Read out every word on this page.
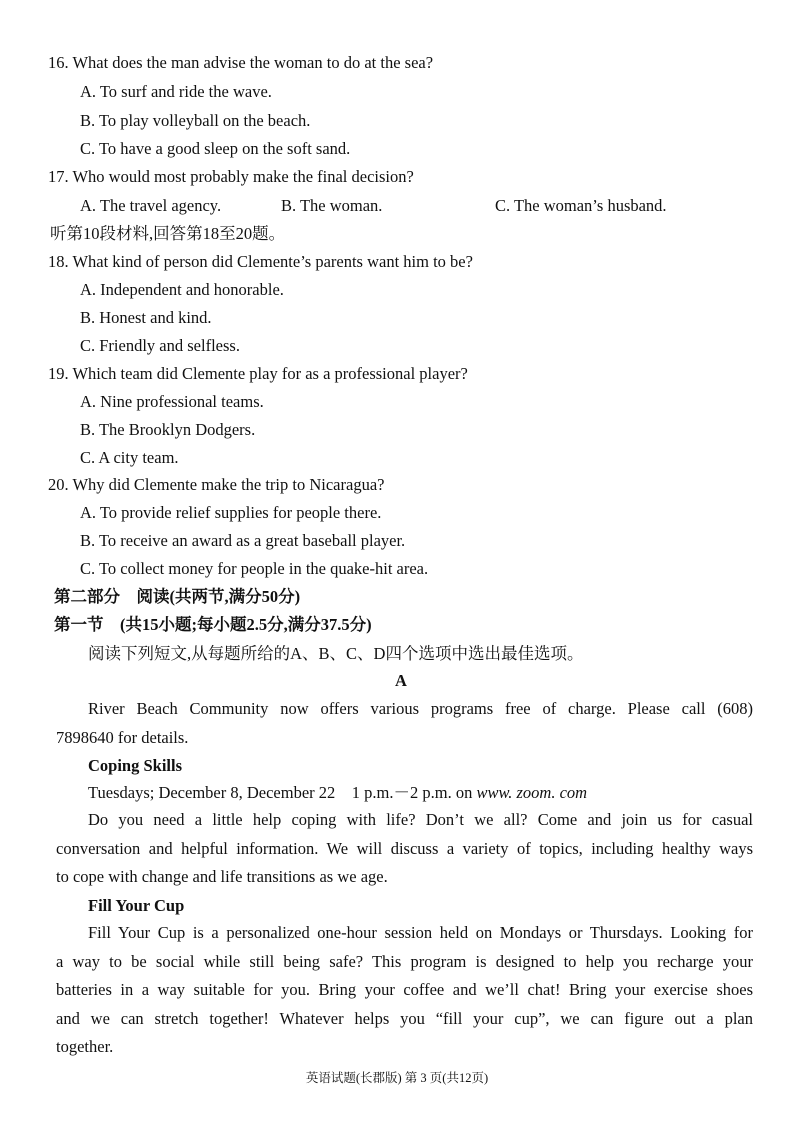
16. What does the man advise the woman to do at the sea?
A. To surf and ride the wave.
B. To play volleyball on the beach.
C. To have a good sleep on the soft sand.
17. Who would most probably make the final decision?
A. The travel agency.	B. The woman.	C. The woman’s husband.
听第10段材料,回答第18至20题。
18. What kind of person did Clemente’s parents want him to be?
A. Independent and honorable.
B. Honest and kind.
C. Friendly and selfless.
19. Which team did Clemente play for as a professional player?
A. Nine professional teams.
B. The Brooklyn Dodgers.
C. A city team.
20. Why did Clemente make the trip to Nicaragua?
A. To provide relief supplies for people there.
B. To receive an award as a great baseball player.
C. To collect money for people in the quake-hit area.
第二部分　阅读(共两节,满分50分)
第一节　(共15小题;每小题2.5分,满分37.5分)
阅读下列短文,从每题所给的A、B、C、D四个选项中选出最佳选项。
A
River Beach Community now offers various programs free of charge. Please call (608)
7898640 for details.
Coping Skills
Tuesdays; December 8, December 22　1 p.m.－2 p.m. on www. zoom. com
Do you need a little help coping with life? Don’t we all? Come and join us for casual
conversation and helpful information. We will discuss a variety of topics, including healthy ways
to cope with change and life transitions as we age.
Fill Your Cup
Fill Your Cup is a personalized one-hour session held on Mondays or Thursdays. Looking for
a way to be social while still being safe? This program is designed to help you recharge your
batteries in a way suitable for you. Bring your coffee and we’ll chat! Bring your exercise shoes
and we can stretch together! Whatever helps you “fill your cup”, we can figure out a plan
together.
英语试题(长郡版) 第 3 页(共12页)
